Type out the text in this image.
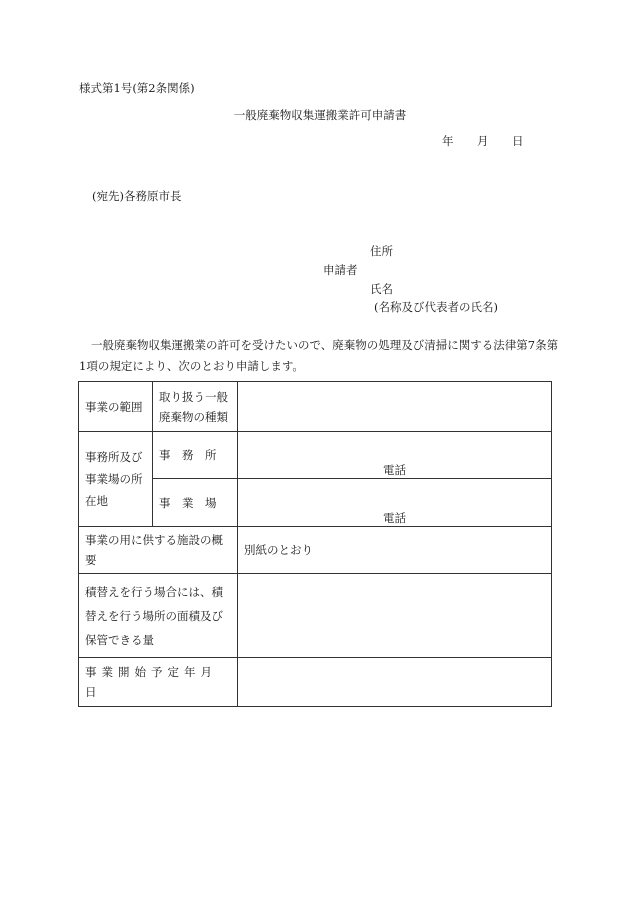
様式第1号(第2条関係)
一般廃棄物収集運搬業許可申請書
年 月 日
(宛先)各務原市長
住所
申請者
氏名
(名称及び代表者の氏名)
一般廃棄物収集運搬業の許可を受けたいので、廃棄物の処理及び清掃に関する法律第7条第1項の規定により、次のとおり申請します。
事業の範囲	取り扱う一般廃棄物の種類	
事務所及び事業場の所在地	事　務　所	電話

	事　業　場	電話

事業の用に供する施設の概要		別紙のとおり
積替えを行う場合には、積替えを行う場所の面積及び保管できる量		
事業開始予定年月日		
